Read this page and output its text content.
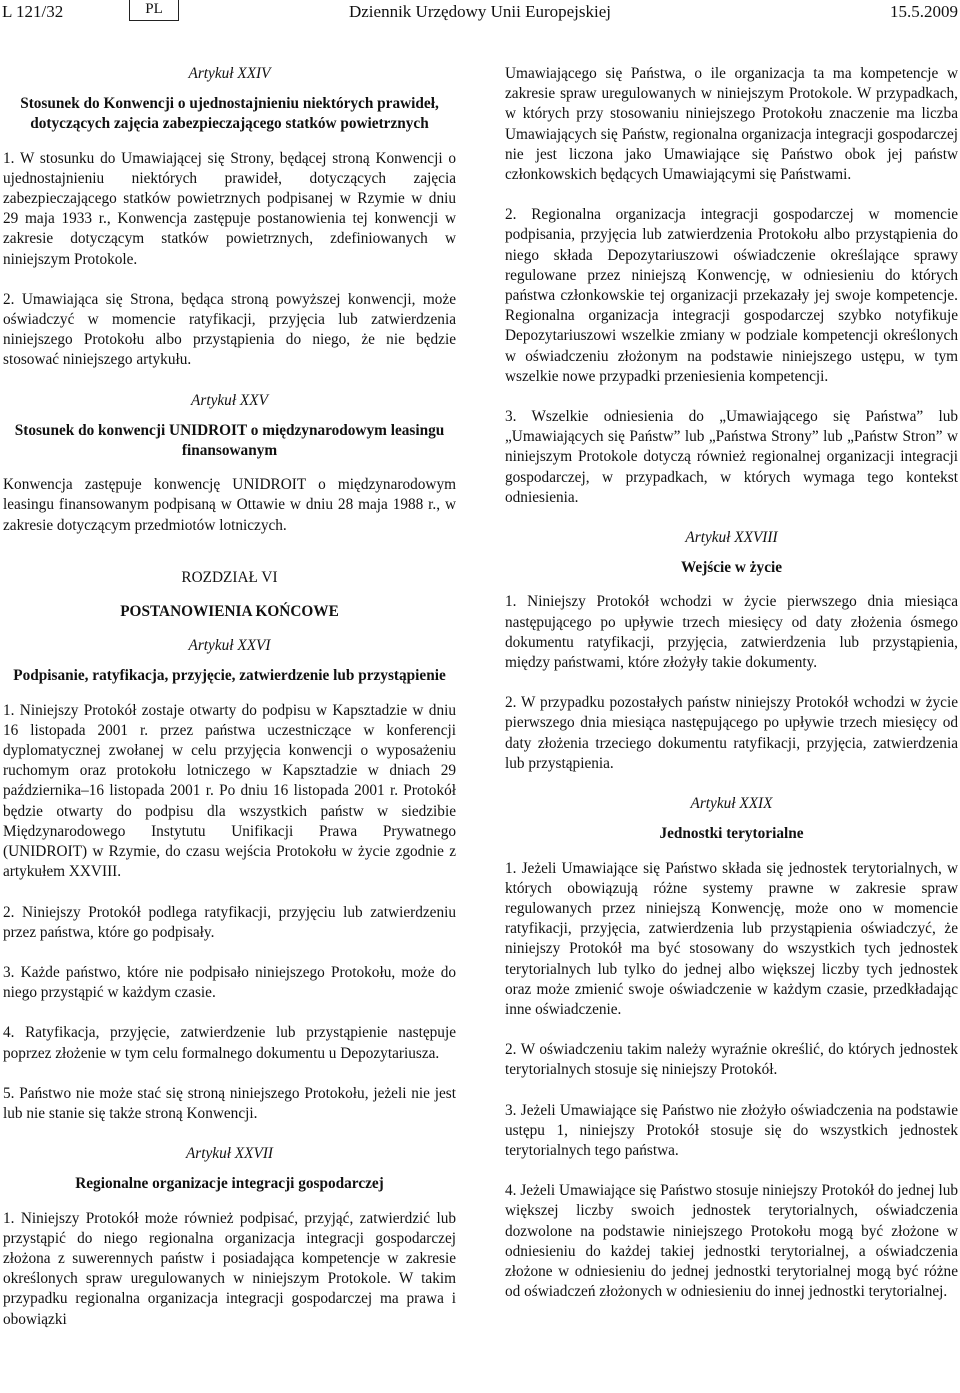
L 121/32	PL	Dziennik Urzędowy Unii Europejskiej	15.5.2009
Artykuł XXIV
Stosunek do Konwencji o ujednostajnieniu niektórych prawideł, dotyczących zajęcia zabezpieczającego statków powietrznych

1. W stosunku do Umawiającej się Strony, będącej stroną Konwencji o ujednostajnieniu niektórych prawideł, dotyczących zajęcia zabezpieczającego statków powietrznych podpisanej w Rzymie w dniu 29 maja 1933 r., Konwencja zastępuje postanowienia tej konwencji w zakresie dotyczącym statków powietrznych, zdefiniowanych w niniejszym Protokole.

2. Umawiająca się Strona, będąca stroną powyższej konwencji, może oświadczyć w momencie ratyfikacji, przyjęcia lub zatwierdzenia niniejszego Protokołu albo przystąpienia do niego, że nie będzie stosować niniejszego artykułu.

Artykuł XXV
Stosunek do konwencji UNIDROIT o międzynarodowym leasingu finansowanym

Konwencja zastępuje konwencję UNIDROIT o międzynarodowym leasingu finansowanym podpisaną w Ottawie w dniu 28 maja 1988 r., w zakresie dotyczącym przedmiotów lotniczych.

ROZDZIAŁ VI
POSTANOWIENIA KOŃCOWE
Artykuł XXVI
Podpisanie, ratyfikacja, przyjęcie, zatwierdzenie lub przystąpienie

1. Niniejszy Protokół zostaje otwarty do podpisu w Kapsztadzie w dniu 16 listopada 2001 r. przez państwa uczestniczące w konferencji dyplomatycznej zwołanej w celu przyjęcia konwencji o wyposażeniu ruchomym oraz protokołu lotniczego w Kapsztadzie w dniach 29 października–16 listopada 2001 r. Po dniu 16 listopada 2001 r. Protokół będzie otwarty do podpisu dla wszystkich państw w siedzibie Międzynarodowego Instytutu Unifikacji Prawa Prywatnego (UNIDROIT) w Rzymie, do czasu wejścia Protokołu w życie zgodnie z artykułem XXVIII.

2. Niniejszy Protokół podlega ratyfikacji, przyjęciu lub zatwierdzeniu przez państwa, które go podpisały.

3. Każde państwo, które nie podpisało niniejszego Protokołu, może do niego przystąpić w każdym czasie.

4. Ratyfikacja, przyjęcie, zatwierdzenie lub przystąpienie następuje poprzez złożenie w tym celu formalnego dokumentu u Depozytariusza.

5. Państwo nie może stać się stroną niniejszego Protokołu, jeżeli nie jest lub nie stanie się także stroną Konwencji.

Artykuł XXVII
Regionalne organizacje integracji gospodarczej

1. Niniejszy Protokół może również podpisać, przyjąć, zatwierdzić lub przystąpić do niego regionalna organizacja integracji gospodarczej złożona z suwerennych państw i posiadająca kompetencje w zakresie określonych spraw uregulowanych w niniejszym Protokole. W takim przypadku regionalna organizacja integracji gospodarczej ma prawa i obowiązki

Umawiającego się Państwa, o ile organizacja ta ma kompetencje w zakresie spraw uregulowanych w niniejszym Protokole. W przypadkach, w których przy stosowaniu niniejszego Protokołu znaczenie ma liczba Umawiających się Państw, regionalna organizacja integracji gospodarczej nie jest liczona jako Umawiające się Państwo obok jej państw członkowskich będących Umawiającymi się Państwami.

2. Regionalna organizacja integracji gospodarczej w momencie podpisania, przyjęcia lub zatwierdzenia Protokołu albo przystąpienia do niego składa Depozytariuszowi oświadczenie określające sprawy regulowane przez niniejszą Konwencję, w odniesieniu do których państwa członkowskie tej organizacji przekazały jej swoje kompetencje. Regionalna organizacja integracji gospodarczej szybko notyfikuje Depozytariuszowi wszelkie zmiany w podziale kompetencji określonych w oświadczeniu złożonym na podstawie niniejszego ustępu, w tym wszelkie nowe przypadki przeniesienia kompetencji.

3. Wszelkie odniesienia do „Umawiającego się Państwa” lub „Umawiających się Państw” lub „Państwa Strony” lub „Państw Stron” w niniejszym Protokole dotyczą również regionalnej organizacji integracji gospodarczej, w przypadkach, w których wymaga tego kontekst odniesienia.

Artykuł XXVIII
Wejście w życie

1. Niniejszy Protokół wchodzi w życie pierwszego dnia miesiąca następującego po upływie trzech miesięcy od daty złożenia ósmego dokumentu ratyfikacji, przyjęcia, zatwierdzenia lub przystąpienia, między państwami, które złożyły takie dokumenty.

2. W przypadku pozostałych państw niniejszy Protokół wchodzi w życie pierwszego dnia miesiąca następującego po upływie trzech miesięcy od daty złożenia trzeciego dokumentu ratyfikacji, przyjęcia, zatwierdzenia lub przystąpienia.

Artykuł XXIX
Jednostki terytorialne

1. Jeżeli Umawiające się Państwo składa się jednostek terytorialnych, w których obowiązują różne systemy prawne w zakresie spraw regulowanych przez niniejszą Konwencję, może ono w momencie ratyfikacji, przyjęcia, zatwierdzenia lub przystąpienia oświadczyć, że niniejszy Protokół ma być stosowany do wszystkich tych jednostek terytorialnych lub tylko do jednej albo większej liczby tych jednostek oraz może zmienić swoje oświadczenie w każdym czasie, przedkładając inne oświadczenie.

2. W oświadczeniu takim należy wyraźnie określić, do których jednostek terytorialnych stosuje się niniejszy Protokół.

3. Jeżeli Umawiające się Państwo nie złożyło oświadczenia na podstawie ustępu 1, niniejszy Protokół stosuje się do wszystkich jednostek terytorialnych tego państwa.

4. Jeżeli Umawiające się Państwo stosuje niniejszy Protokół do jednej lub większej liczby swoich jednostek terytorialnych, oświadczenia dozwolone na podstawie niniejszego Protokołu mogą być złożone w odniesieniu do każdej takiej jednostki terytorialnej, a oświadczenia złożone w odniesieniu do jednej jednostki terytorialnej mogą być różne od oświadczeń złożonych w odniesieniu do innej jednostki terytorialnej.
